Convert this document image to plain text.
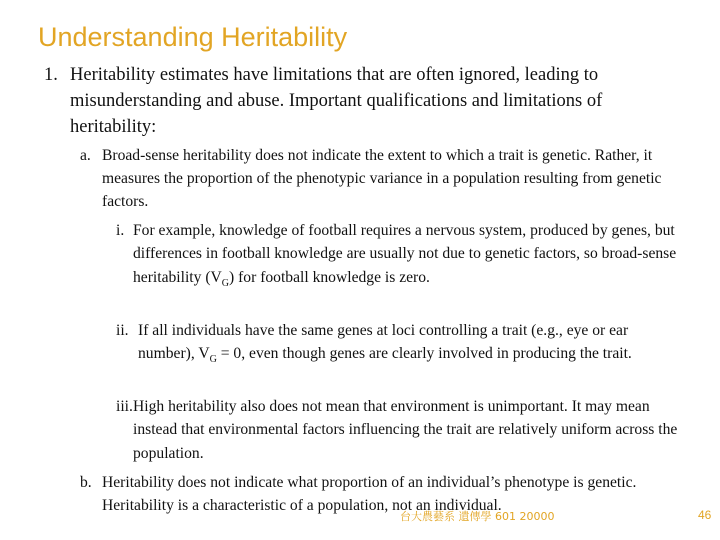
Understanding Heritability
1. Heritability estimates have limitations that are often ignored, leading to misunderstanding and abuse. Important qualifications and limitations of heritability:
a. Broad-sense heritability does not indicate the extent to which a trait is genetic. Rather, it measures the proportion of the phenotypic variance in a population resulting from genetic factors.
i. For example, knowledge of football requires a nervous system, produced by genes, but differences in football knowledge are usually not due to genetic factors, so broad-sense heritability $(V_G)$ for football knowledge is zero.
ii. If all individuals have the same genes at loci controlling a trait (e.g., eye or ear number), $V_G = 0$, even though genes are clearly involved in producing the trait.
iii. High heritability also does not mean that environment is unimportant. It may mean instead that environmental factors influencing the trait are relatively uniform across the population.
b. Heritability does not indicate what proportion of an individual’s phenotype is genetic. Heritability is a characteristic of a population, not an individual.
台大農藝系 遺傳學 601 20000	46
